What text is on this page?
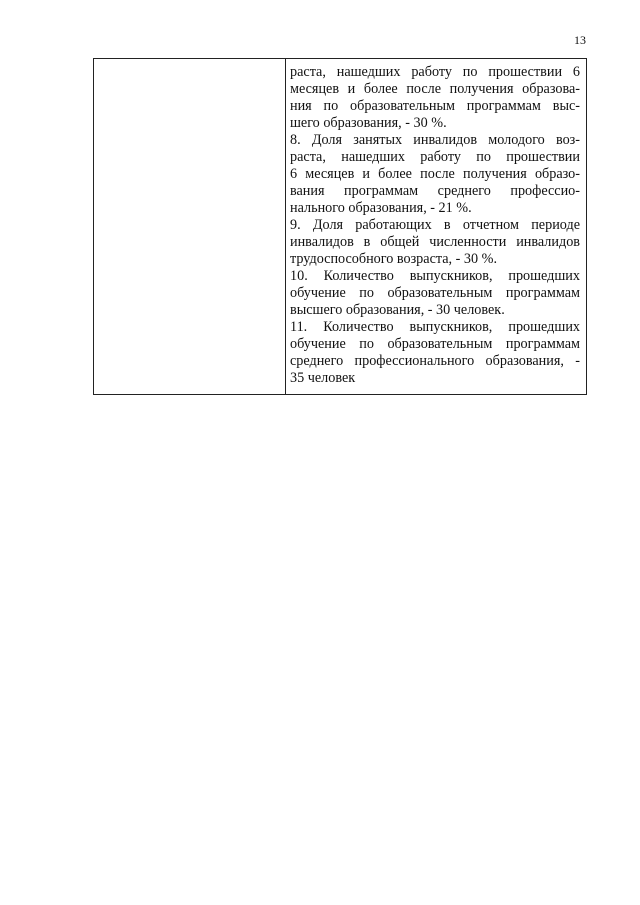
13
раста, нашедших работу по прошествии 6
месяцев и более после получения образова-
ния по образовательным программам выс-
шего образования, - 30 %.
8. Доля занятых инвалидов молодого воз-
раста, нашедших работу по прошествии
6 месяцев и более после получения образо-
вания программам среднего профессио-
нального образования, - 21 %.
9. Доля работающих в отчетном периоде
инвалидов в общей численности инвалидов
трудоспособного возраста, - 30 %.
10. Количество выпускников, прошедших
обучение по образовательным программам
высшего образования, - 30 человек.
11. Количество выпускников, прошедших
обучение по образовательным программам
среднего профессионального образования, -
35 человек
